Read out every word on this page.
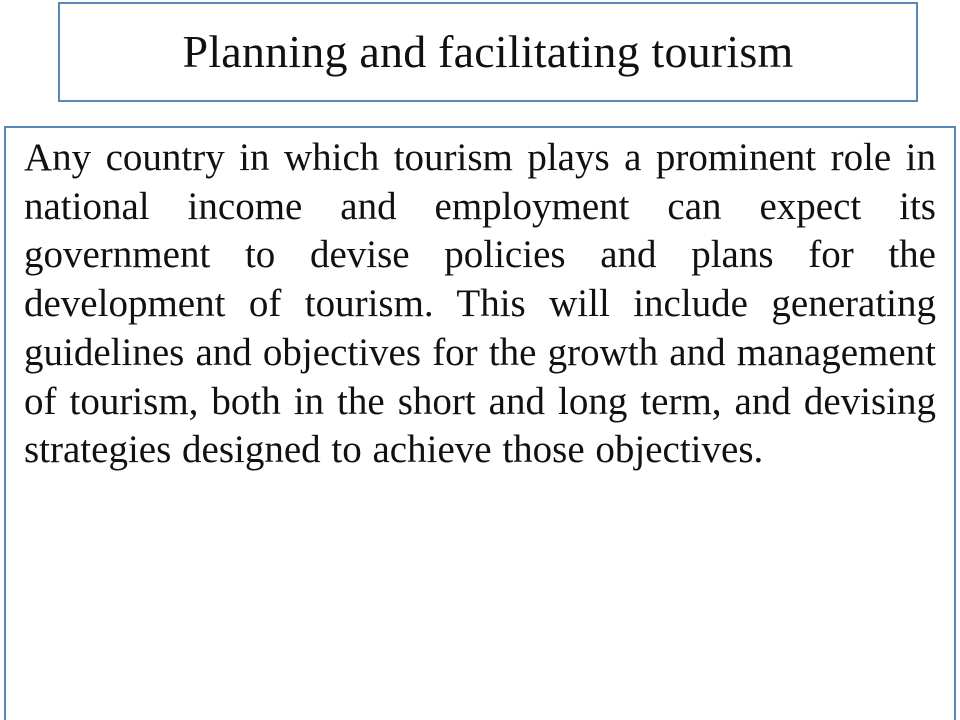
Planning and facilitating tourism

Any country in which tourism plays a prominent role in national income and employment can expect its government to devise policies and plans for the development of tourism. This will include generating guidelines and objectives for the growth and management of tourism, both in the short and long term, and devising strategies designed to achieve those objectives.
